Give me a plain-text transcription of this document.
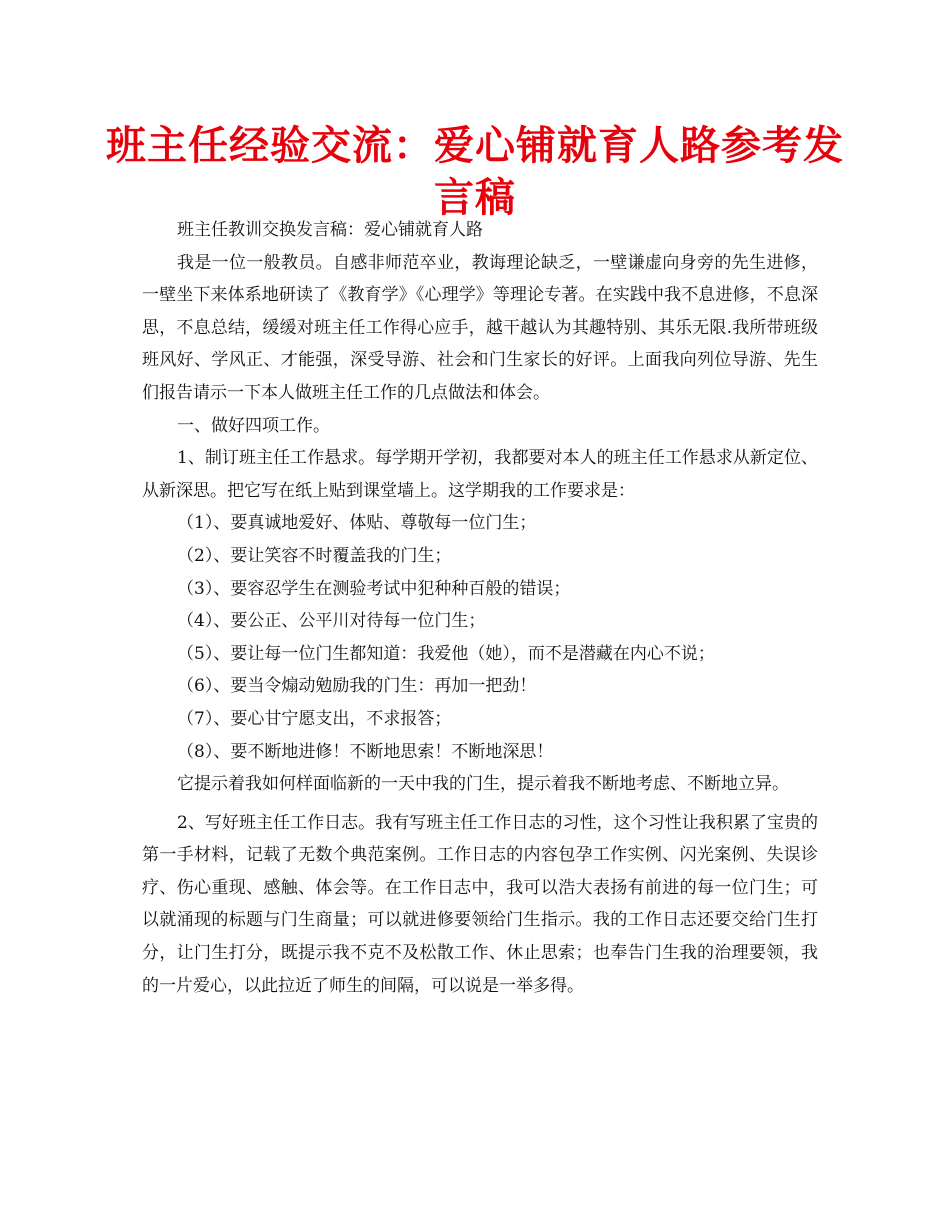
班主任经验交流：爱心铺就育人路参考发
言稿

班主任教训交换发言稿：爱心铺就育人路

我是一位一般教员。自感非师范卒业，教诲理论缺乏，一壁谦虚向身旁的先生进修，一壁坐下来体系地研读了《教育学》《心理学》等理论专著。在实践中我不息进修，不息深思，不息总结，缓缓对班主任工作得心应手，越干越认为其趣特别、其乐无限.我所带班级班风好、学风正、才能强，深受导游、社会和门生家长的好评。上面我向列位导游、先生们报告请示一下本人做班主任工作的几点做法和体会。

一、做好四项工作。

1、制订班主任工作悬求。每学期开学初，我都要对本人的班主任工作悬求从新定位、从新深思。把它写在纸上贴到课堂墙上。这学期我的工作要求是：

（1）、要真诚地爱好、体贴、尊敬每一位门生；

（2）、要让笑容不时覆盖我的门生；

（3）、要容忍学生在测验考试中犯种种百般的错误；

（4）、要公正、公平川对待每一位门生；

（5）、要让每一位门生都知道：我爱他（她），而不是潜藏在内心不说；

（6）、要当令煽动勉励我的门生：再加一把劲！

（7）、要心甘宁愿支出，不求报答；

（8）、要不断地进修！不断地思索！不断地深思！

它提示着我如何样面临新的一天中我的门生，提示着我不断地考虑、不断地立异。

2、写好班主任工作日志。我有写班主任工作日志的习性，这个习性让我积累了宝贵的第一手材料，记载了无数个典范案例。工作日志的内容包孕工作实例、闪光案例、失误诊疗、伤心重现、感触、体会等。在工作日志中，我可以浩大表扬有前进的每一位门生；可以就涌现的标题与门生商量；可以就进修要领给门生指示。我的工作日志还要交给门生打分，让门生打分，既提示我不克不及松散工作、休止思索；也奉告门生我的治理要领，我的一片爱心，以此拉近了师生的间隔，可以说是一举多得。
